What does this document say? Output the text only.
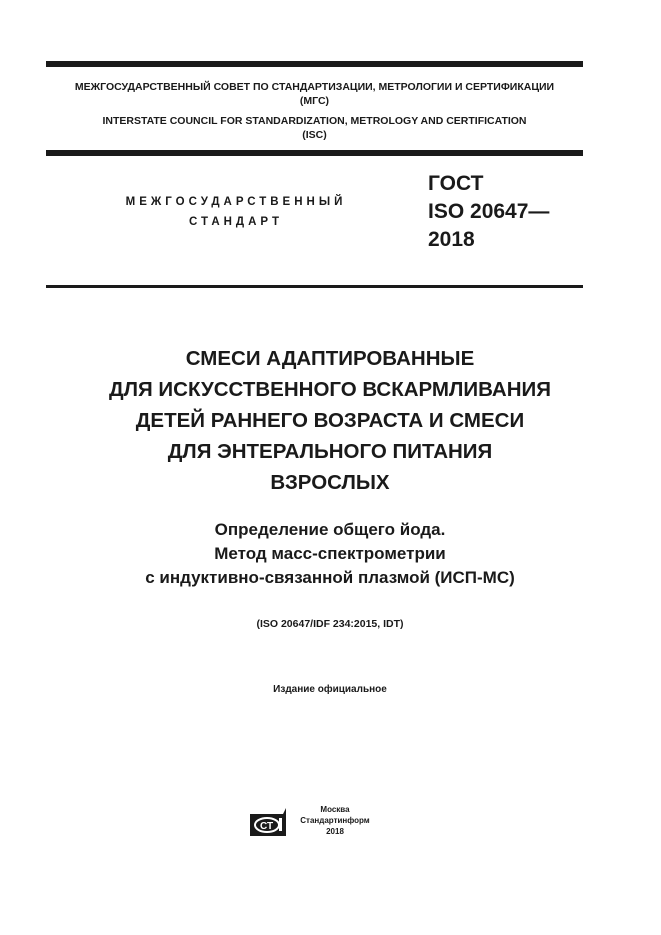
МЕЖГОСУДАРСТВЕННЫЙ СОВЕТ ПО СТАНДАРТИЗАЦИИ, МЕТРОЛОГИИ И СЕРТИФИКАЦИИ
(МГС)
INTERSTATE COUNCIL FOR STANDARDIZATION, METROLOGY AND CERTIFICATION
(ISC)
МЕЖГОСУДАРСТВЕННЫЙ
СТАНДАРТ
ГОСТ
ISO 20647—
2018
СМЕСИ АДАПТИРОВАННЫЕ
ДЛЯ ИСКУССТВЕННОГО ВСКАРМЛИВАНИЯ
ДЕТЕЙ РАННЕГО ВОЗРАСТА И СМЕСИ
ДЛЯ ЭНТЕРАЛЬНОГО ПИТАНИЯ
ВЗРОСЛЫХ
Определение общего йода.
Метод масс-спектрометрии
с индуктивно-связанной плазмой (ИСП-МС)
(ISO 20647/IDF 234:2015, IDT)
Издание официальное
СТ
Москва
Стандартинформ
2018
